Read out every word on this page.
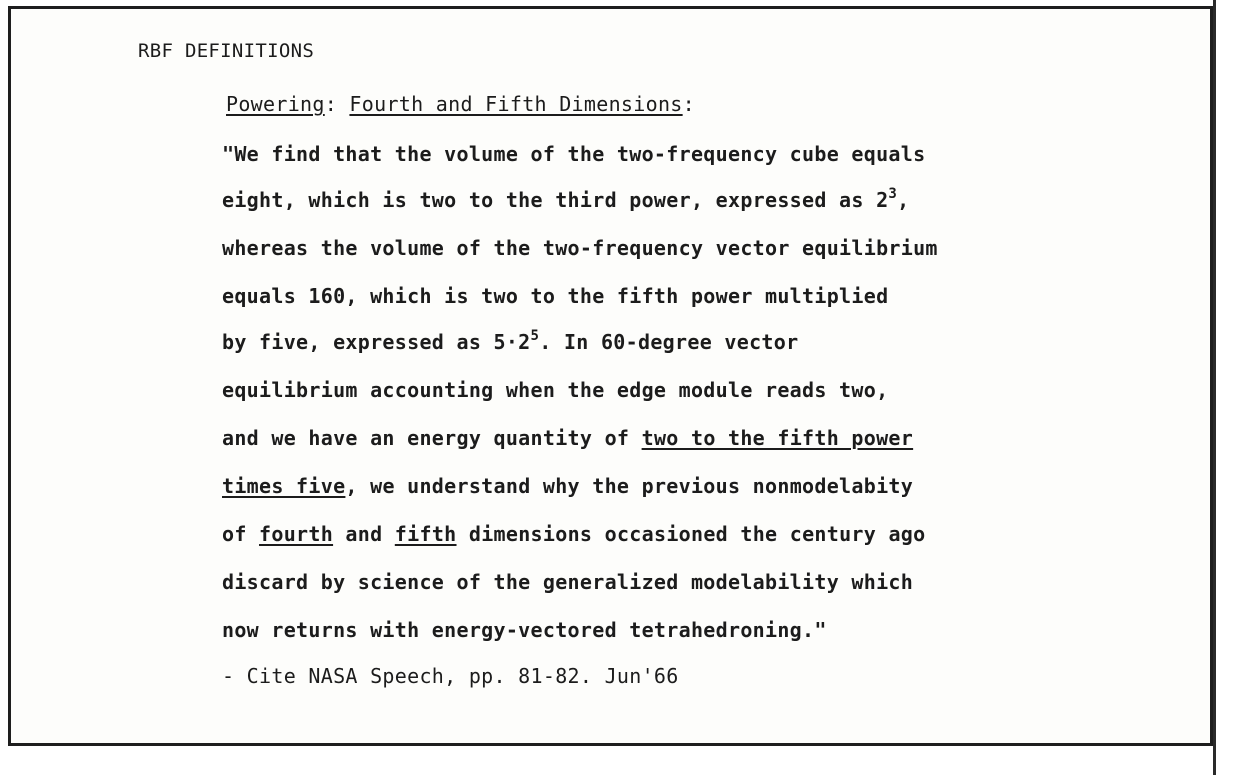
RBF DEFINITIONS
Powering: Fourth and Fifth Dimensions:
"We find that the volume of the two-frequency cube equals
eight, which is two to the third power, expressed as $2^3$,
whereas the volume of the two-frequency vector equilibrium
equals 160, which is two to the fifth power multiplied
by five, expressed as $5\cdot 2^5$. In 60-degree vector
equilibrium accounting when the edge module reads two,
and we have an energy quantity of two to the fifth power
times five, we understand why the previous nonmodelabity
of fourth and fifth dimensions occasioned the century ago
discard by science of the generalized modelability which
now returns with energy-vectored tetrahedroning."
- Cite NASA Speech, pp. 81-82. Jun'66
